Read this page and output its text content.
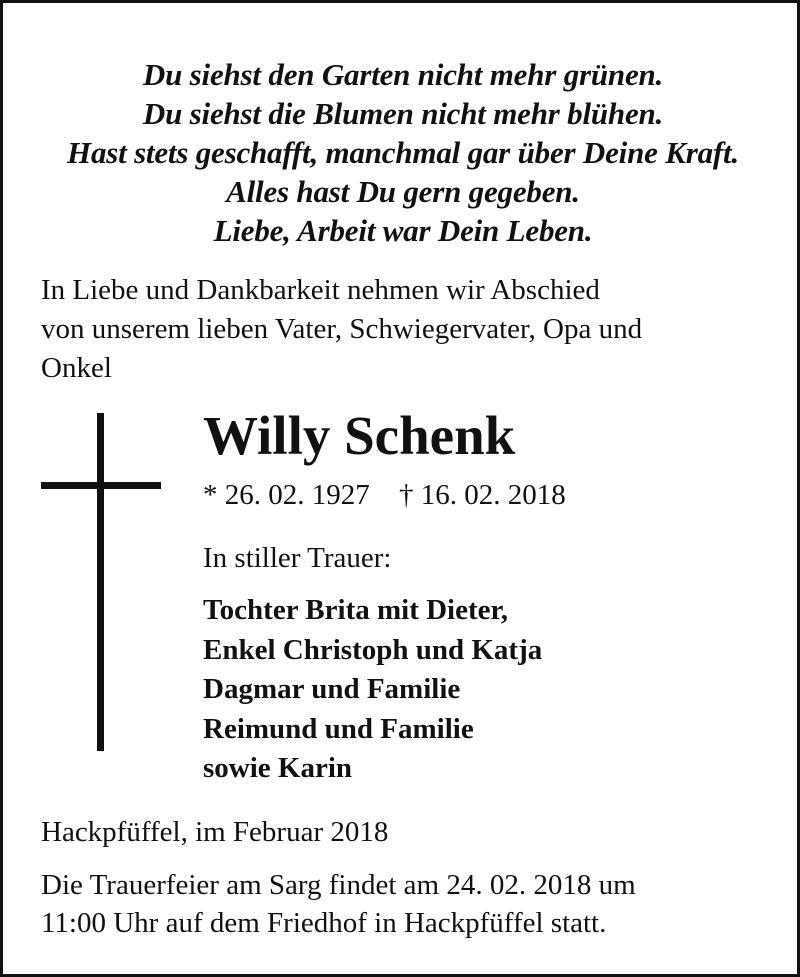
Du siehst den Garten nicht mehr grünen.
Du siehst die Blumen nicht mehr blühen.
Hast stets geschafft, manchmal gar über Deine Kraft.
Alles hast Du gern gegeben.
Liebe, Arbeit war Dein Leben.
In Liebe und Dankbarkeit nehmen wir Abschied
von unserem lieben Vater, Schwiegervater, Opa und
Onkel
Willy Schenk
* 26. 02. 1927 † 16. 02. 2018
In stiller Trauer:
Tochter Brita mit Dieter,
Enkel Christoph und Katja
Dagmar und Familie
Reimund und Familie
sowie Karin
Hackpfüffel, im Februar 2018
Die Trauerfeier am Sarg findet am 24. 02. 2018 um
11:00 Uhr auf dem Friedhof in Hackpfüffel statt.
